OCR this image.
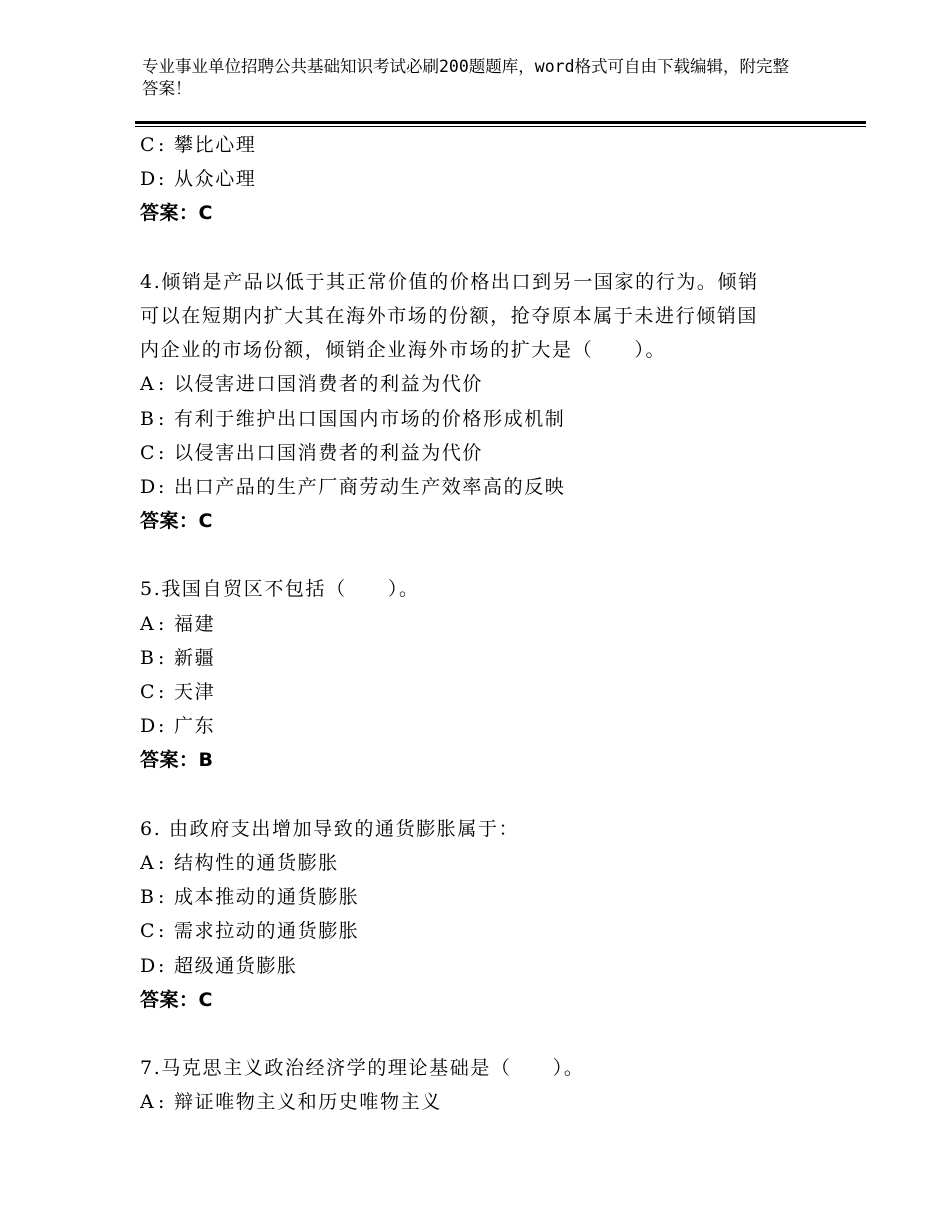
专业事业单位招聘公共基础知识考试必刷200题题库，word格式可自由下载编辑，附完整答案！
C : 攀比心理
D : 从众心理
答案：C
4.倾销是产品以低于其正常价值的价格出口到另一国家的行为。倾销
可以在短期内扩大其在海外市场的份额，抢夺原本属于未进行倾销国
内企业的市场份额，倾销企业海外市场的扩大是（　　）。
A : 以侵害进口国消费者的利益为代价
B : 有利于维护出口国国内市场的价格形成机制
C : 以侵害出口国消费者的利益为代价
D : 出口产品的生产厂商劳动生产效率高的反映
答案：C
5.我国自贸区不包括（　　）。
A : 福建
B : 新疆
C : 天津
D : 广东
答案：B
6. 由政府支出增加导致的通货膨胀属于：
A : 结构性的通货膨胀
B : 成本推动的通货膨胀
C : 需求拉动的通货膨胀
D : 超级通货膨胀
答案：C
7.马克思主义政治经济学的理论基础是（　　）。
A : 辩证唯物主义和历史唯物主义
